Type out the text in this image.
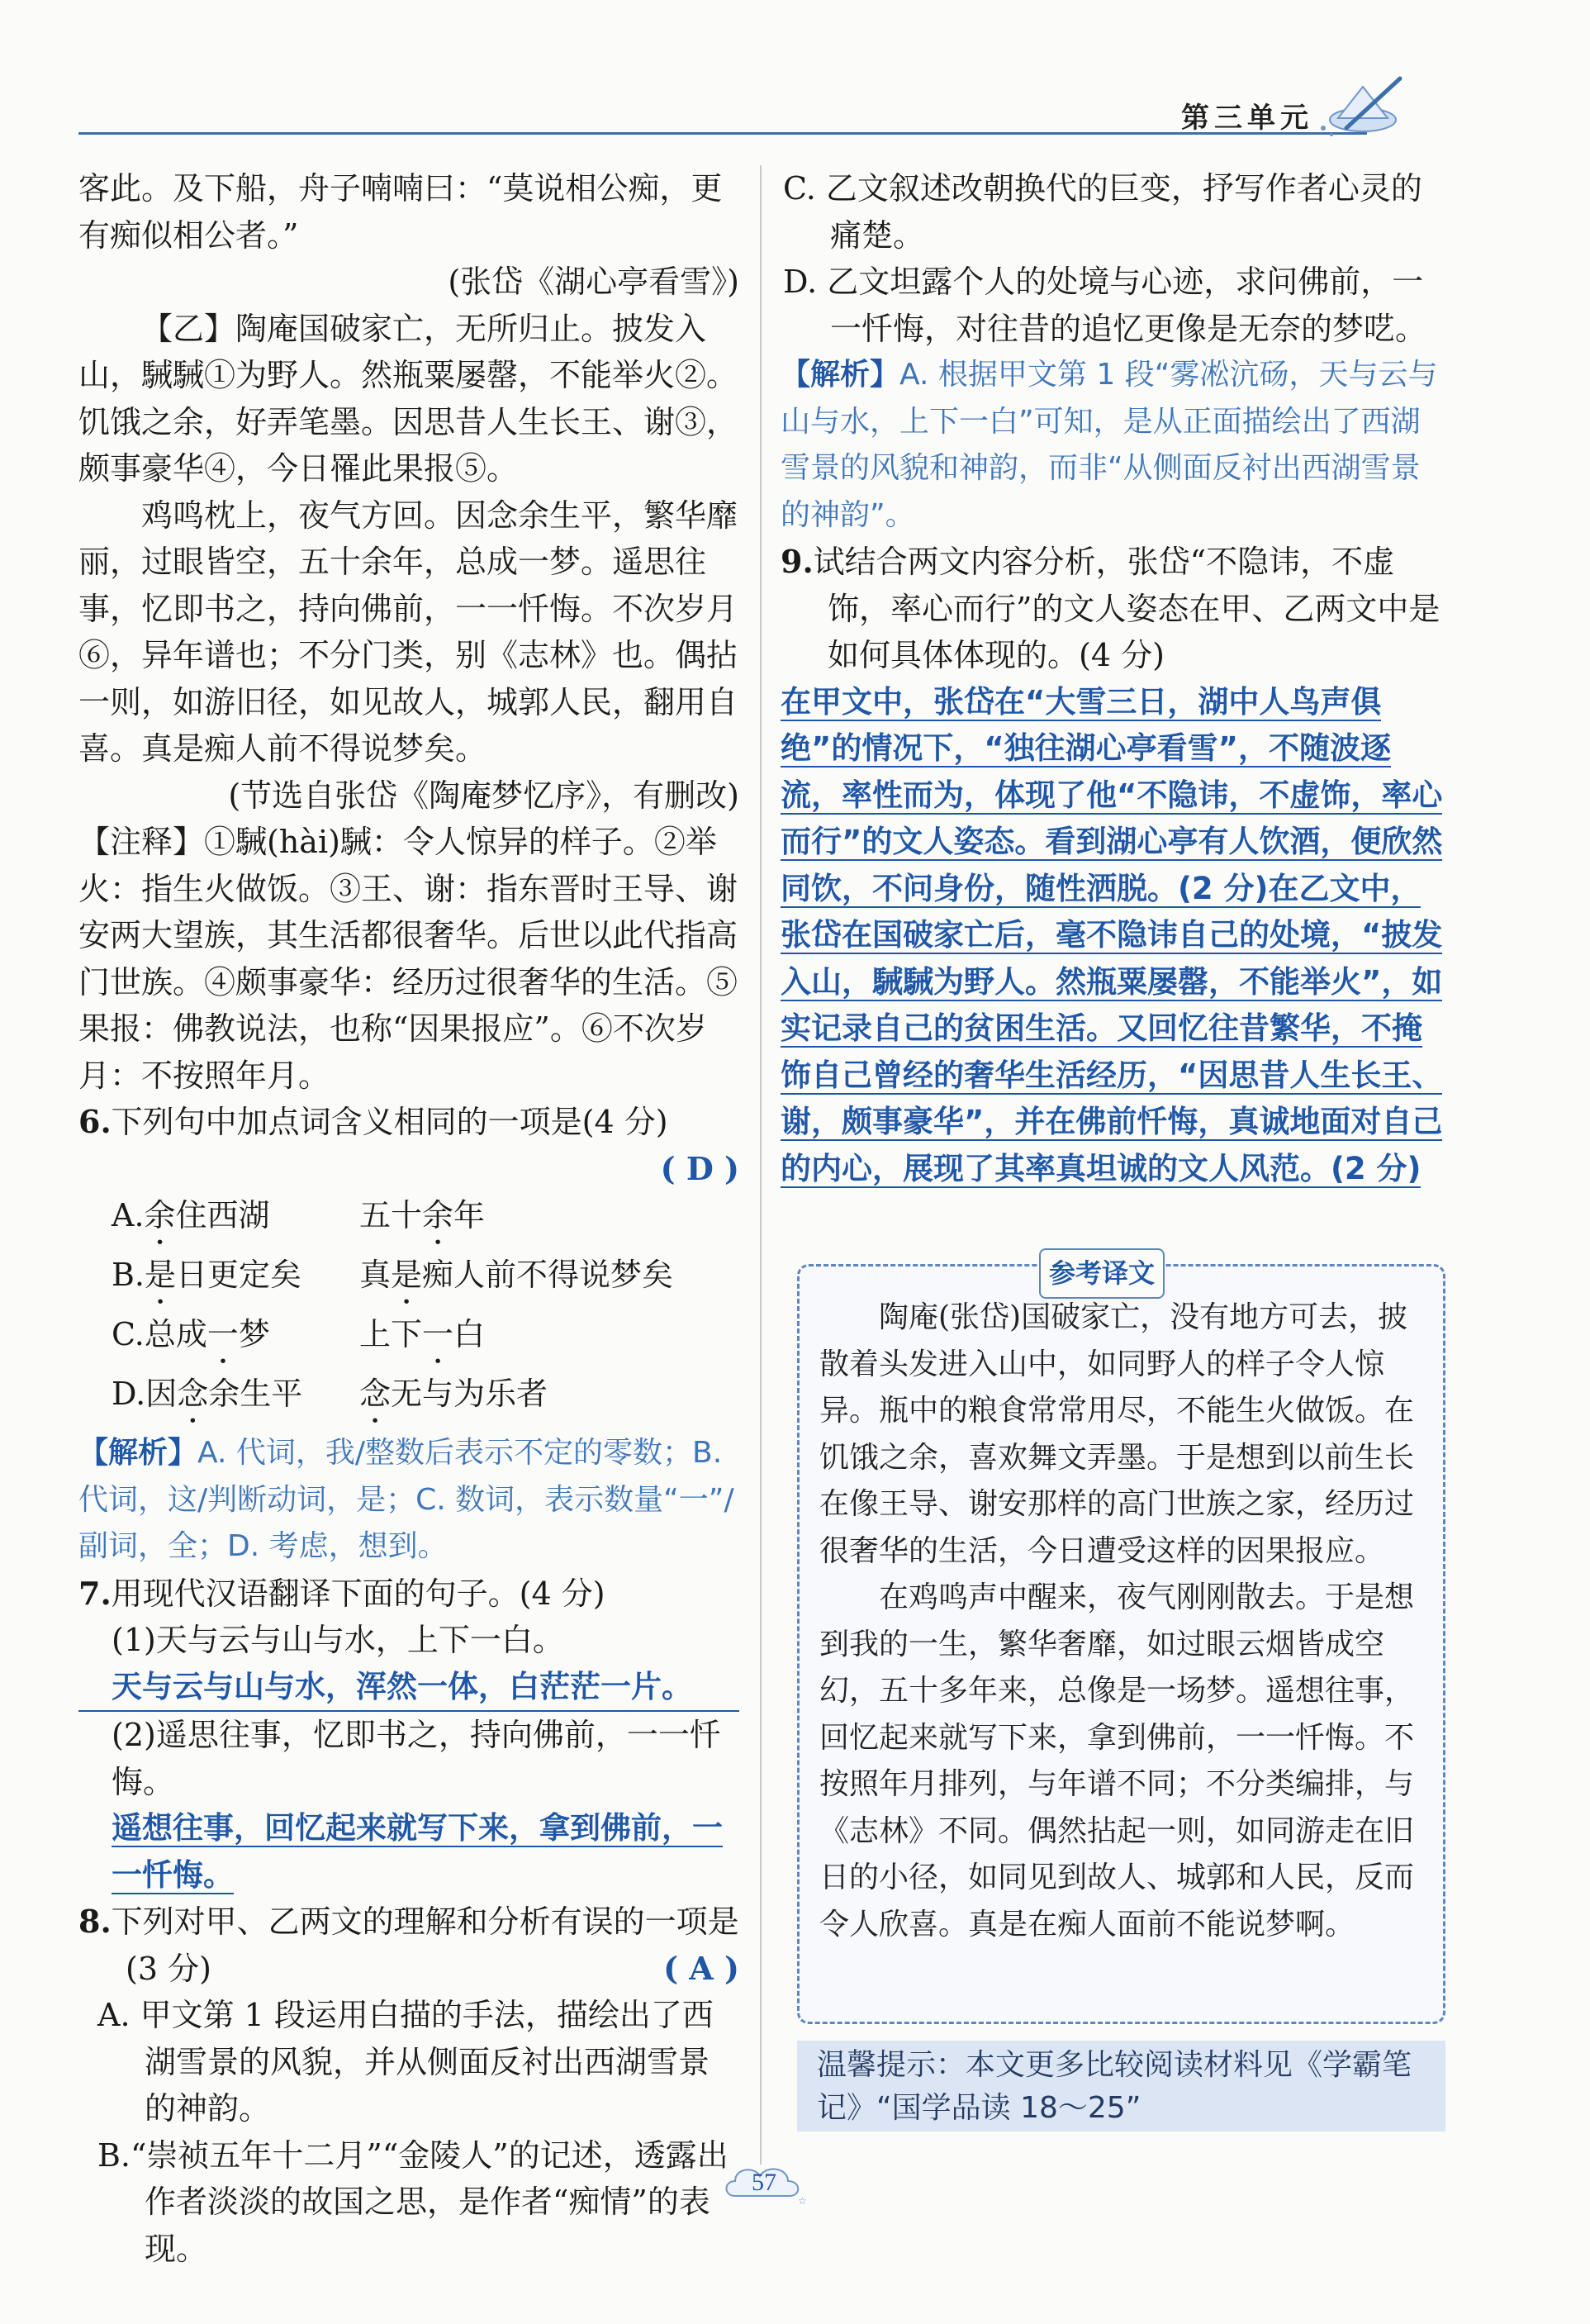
第三单元

客此。及下船，舟子喃喃曰：“莫说相公痴，更有痴似相公者。”

(张岱《湖心亭看雪》)

【乙】陶庵国破家亡，无所归止。披发入山，駴駴①为野人。然瓶粟屡罄，不能举火②。饥饿之余，好弄笔墨。因思昔人生长王、谢③，颇事豪华④，今日罹此果报⑤。

鸡鸣枕上，夜气方回。因念余生平，繁华靡丽，过眼皆空，五十余年，总成一梦。遥思往事，忆即书之，持向佛前，一一忏悔。不次岁月⑥，异年谱也；不分门类，别《志林》也。偶拈一则，如游旧径，如见故人，城郭人民，翻用自喜。真是痴人前不得说梦矣。

(节选自张岱《陶庵梦忆序》，有删改)

【注释】①駴(hài)駴：令人惊异的样子。②举火：指生火做饭。③王、谢：指东晋时王导、谢安两大望族，其生活都很奢华。后世以此代指高门世族。④颇事豪华：经历过很奢华的生活。⑤果报：佛教说法，也称“因果报应”。⑥不次岁月：不按照年月。

6.下列句中加点词含义相同的一项是(4 分)

( D )

A.余住西湖	五十余年
B.是日更定矣	真是痴人前不得说梦矣
C.总成一梦	上下一白
D.因念余生平	念无与为乐者

【解析】A. 代词，我/整数后表示不定的零数；B. 代词，这/判断动词，是；C. 数词，表示数量“一”/副词，全；D. 考虑，想到。

7.用现代汉语翻译下面的句子。(4 分)

(1)天与云与山与水，上下一白。

天与云与山与水，浑然一体，白茫茫一片。

(2)遥思往事，忆即书之，持向佛前，一一忏悔。

遥想往事，回忆起来就写下来，拿到佛前，一一忏悔。

8.下列对甲、乙两文的理解和分析有误的一项是(3 分)	( A )

A. 甲文第 1 段运用白描的手法，描绘出了西湖雪景的风貌，并从侧面反衬出西湖雪景的神韵。

B.“崇祯五年十二月”“金陵人”的记述，透露出作者淡淡的故国之思，是作者“痴情”的表现。

C. 乙文叙述改朝换代的巨变，抒写作者心灵的痛楚。

D. 乙文坦露个人的处境与心迹，求问佛前，一一忏悔，对往昔的追忆更像是无奈的梦呓。

【解析】A. 根据甲文第 1 段“雾凇沆砀，天与云与山与水，上下一白”可知，是从正面描绘出了西湖雪景的风貌和神韵，而非“从侧面反衬出西湖雪景的神韵”。

9.试结合两文内容分析，张岱“不隐讳，不虚饰，率心而行”的文人姿态在甲、乙两文中是如何具体体现的。(4 分)

在甲文中，张岱在“大雪三日，湖中人鸟声俱绝”的情况下，“独往湖心亭看雪”，不随波逐流，率性而为，体现了他“不隐讳，不虚饰，率心而行”的文人姿态。看到湖心亭有人饮酒，便欣然同饮，不问身份，随性洒脱。(2 分)在乙文中，张岱在国破家亡后，毫不隐讳自己的处境，“披发入山，駴駴为野人。然瓶粟屡罄，不能举火”，如实记录自己的贫困生活。又回忆往昔繁华，不掩饰自己曾经的奢华生活经历，“因思昔人生长王、谢，颇事豪华”，并在佛前忏悔，真诚地面对自己的内心，展现了其率真坦诚的文人风范。(2 分)

参考译文

陶庵(张岱)国破家亡，没有地方可去，披散着头发进入山中，如同野人的样子令人惊异。瓶中的粮食常常用尽，不能生火做饭。在饥饿之余，喜欢舞文弄墨。于是想到以前生长在像王导、谢安那样的高门世族之家，经历过很奢华的生活，今日遭受这样的因果报应。

在鸡鸣声中醒来，夜气刚刚散去。于是想到我的一生，繁华奢靡，如过眼云烟皆成空幻，五十多年来，总像是一场梦。遥想往事，回忆起来就写下来，拿到佛前，一一忏悔。不按照年月排列，与年谱不同；不分类编排，与《志林》不同。偶然拈起一则，如同游走在旧日的小径，如同见到故人、城郭和人民，反而令人欣喜。真是在痴人面前不能说梦啊。

温馨提示：本文更多比较阅读材料见《学霸笔记》“国学品读 18～25”

☆
57
